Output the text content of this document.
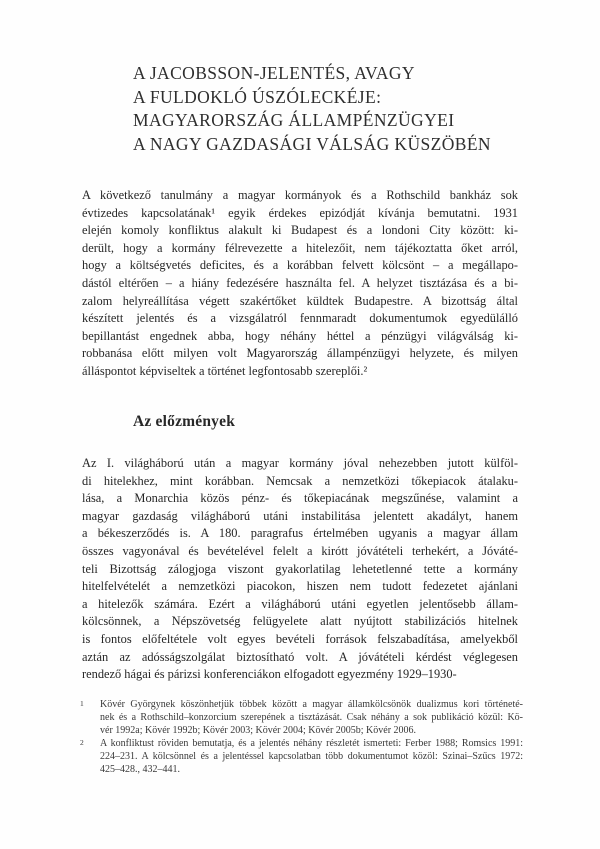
A JACOBSSON-JELENTÉS, AVAGY
A FULDOKLÓ ÚSZÓLECKÉJE:
MAGYARORSZÁG ÁLLAMPÉNZÜGYEI
A NAGY GAZDASÁGI VÁLSÁG KÜSZÖBÉN
A következő tanulmány a magyar kormányok és a Rothschild bankház sok
évtizedes kapcsolatának¹ egyik érdekes epizódját kívánja bemutatni. 1931
elején komoly konfliktus alakult ki Budapest és a londoni City között: ki-
derült, hogy a kormány félrevezette a hitelezőit, nem tájékoztatta őket arról,
hogy a költségvetés deficites, és a korábban felvett kölcsönt – a megállapo-
dástól eltérően – a hiány fedezésére használta fel. A helyzet tisztázása és a bi-
zalom helyreállítása végett szakértőket küldtek Budapestre. A bizottság által
készített jelentés és a vizsgálatról fennmaradt dokumentumok egyedülálló
bepillantást engednek abba, hogy néhány héttel a pénzügyi világválság ki-
robbanása előtt milyen volt Magyarország állampénzügyi helyzete, és milyen
álláspontot képviseltek a történet legfontosabb szereplői.²
Az előzmények
Az I. világháború után a magyar kormány jóval nehezebben jutott külföl-
di hitelekhez, mint korábban. Nemcsak a nemzetközi tőkepiacok átalaku-
lása, a Monarchia közös pénz- és tőkepiacának megszűnése, valamint a
magyar gazdaság világháború utáni instabilitása jelentett akadályt, hanem
a békeszerződés is. A 180. paragrafus értelmében ugyanis a magyar állam
összes vagyonával és bevételével felelt a kirótt jóvátételi terhekért, a Jóváté-
teli Bizottság zálogjoga viszont gyakorlatilag lehetetlenné tette a kormány
hitelfelvételét a nemzetközi piacokon, hiszen nem tudott fedezetet ajánlani
a hitelezők számára. Ezért a világháború utáni egyetlen jelentősebb állam-
kölcsönnek, a Népszövetség felügyelete alatt nyújtott stabilizációs hitelnek
is fontos előfeltétele volt egyes bevételi források felszabadítása, amelyekből
aztán az adósságszolgálat biztosítható volt. A jóvátételi kérdést véglegesen
rendező hágai és párizsi konferenciákon elfogadott egyezmény 1929–1930-
1	Kövér Györgynek köszönhetjük többek között a magyar államkölcsönök dualizmus kori történeté-
nek és a Rothschild–konzorcium szerepének a tisztázását. Csak néhány a sok publikáció közül: Kö-
vér 1992a; Kövér 1992b; Kövér 2003; Kövér 2004; Kövér 2005b; Kövér 2006.
2	A konfliktust röviden bemutatja, és a jelentés néhány részletét ismerteti: Ferber 1988; Romsics 1991:
224–231. A kölcsönnel és a jelentéssel kapcsolatban több dokumentumot közöl: Szinai–Szűcs 1972:
425–428., 432–441.
